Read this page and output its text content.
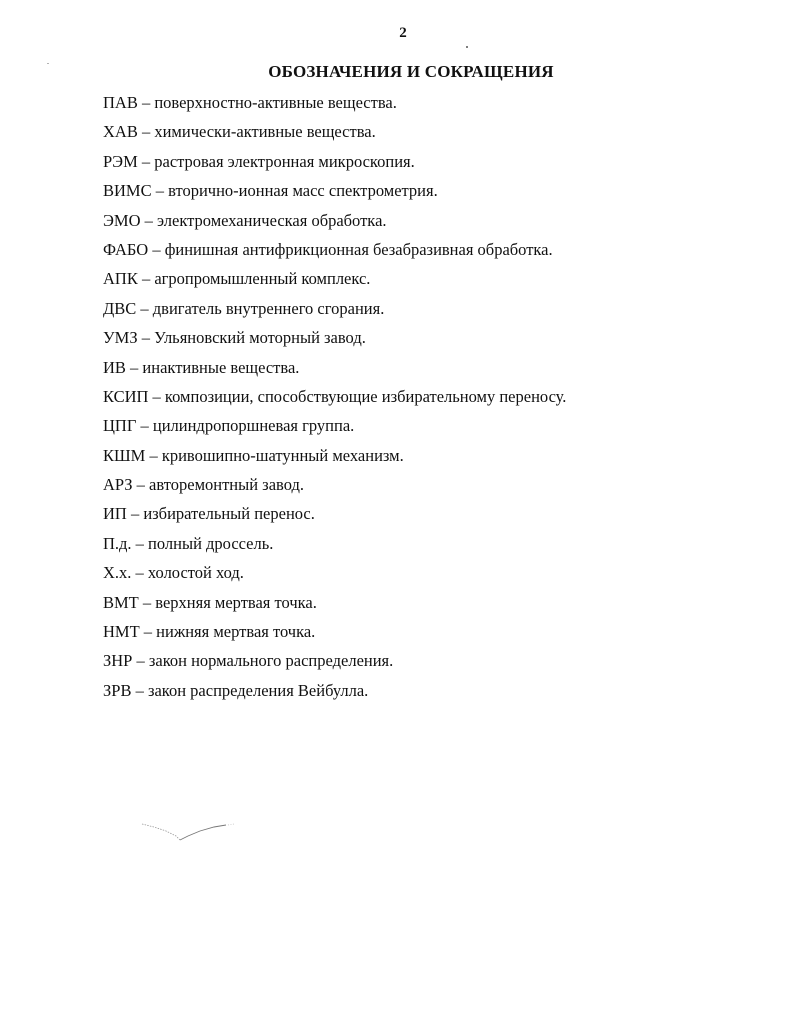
2
ОБОЗНАЧЕНИЯ И СОКРАЩЕНИЯ
ПАВ – поверхностно-активные вещества.
ХАВ – химически-активные вещества.
РЭМ – растровая электронная микроскопия.
ВИМС – вторично-ионная масс спектрометрия.
ЭМО – электромеханическая обработка.
ФАБО – финишная антифрикционная безабразивная обработка.
АПК – агропромышленный комплекс.
ДВС – двигатель внутреннего сгорания.
УМЗ – Ульяновский моторный завод.
ИВ – инактивные вещества.
КСИП – композиции, способствующие избирательному переносу.
ЦПГ – цилиндропоршневая группа.
КШМ – кривошипно-шатунный механизм.
АРЗ – авторемонтный завод.
ИП – избирательный перенос.
П.д. – полный дроссель.
Х.х. – холостой ход.
ВМТ – верхняя мертвая точка.
НМТ – нижняя мертвая точка.
ЗНР – закон нормального распределения.
ЗРВ – закон распределения Вейбулла.
